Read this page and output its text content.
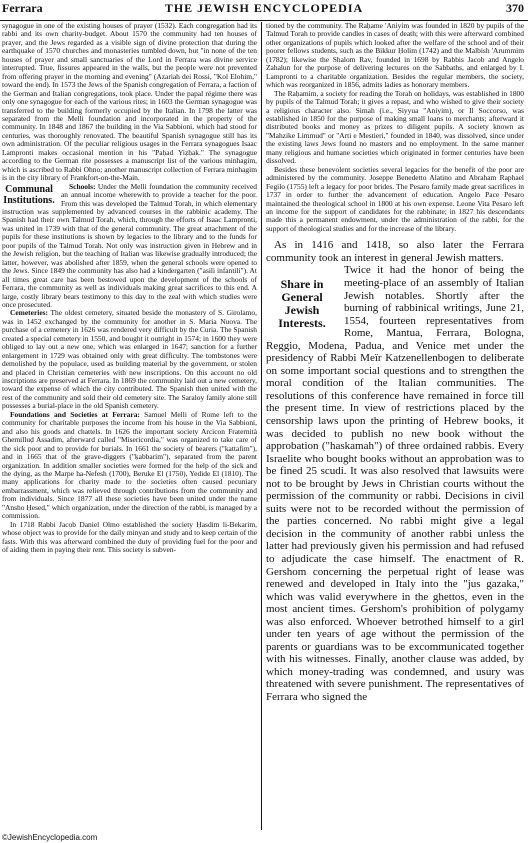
Ferrara	THE JEWISH ENCYCLOPEDIA	370

synagogue in one of the existing houses of prayer (1532). Each congregation had its rabbi and its own charity-budget. About 1570 the community had ten houses of prayer, and the Jews regarded as a visible sign of divine protection that during the earthquake of 1570 churches and monasteries tumbled down, but "in none of the ten houses of prayer and small sanctuaries of the Lord in Ferrara was divine service interrupted. True, fissures appeared in the walls, but the people were not prevented from offering prayer in the morning and evening" (Azariah dei Rossi, "Kol Elohim," toward the end). In 1573 the Jews of the Spanish congregation of Ferrara, a faction of the German and Italian congregations, took place. Under the papal régime there was only one synagogue for each of the various rites; in 1603 the German synagogue was transferred to the building formerly occupied by the Italian. In 1798 the latter was separated from the Melli foundation and incorporated in the property of the community. In 1848 and 1867 the building in the Via Sabbioni, which had stood for centuries, was thoroughly renovated. The beautiful Spanish synagogue still has its own administration. Of the peculiar religious usages in the Ferrara synagogues Isaac Lampronti makes occasional mention in his "Paḥad Yiẓḥak." The synagogue according to the German rite possesses a manuscript list of the various minhagim, which is ascribed to Rabbi Ohno; another manuscript collection of Ferrara minhagim is in the city library of Frankfort-on-the-Main.

Communal Institutions.

Schools: Under the Melli foundation the community received an annual income wherewith to provide a teacher for the poor. From this was developed the Talmud Torah, in which elementary instruction was supplemented by advanced courses in the rabbinic academy. The Spanish had their own Talmud Torah, which, through the efforts of Isaac Lampronti, was united in 1739 with that of the general community. The great attachment of the pupils for these institutions is shown by legacies to the library and to the funds for poor pupils of the Talmud Torah. Not only was instruction given in Hebrew and in the Jewish religion, but the teaching of Italian was likewise gradually introduced; the latter, however, was abolished after 1859, when the general schools were opened to the Jews. Since 1849 the community has also had a kindergarten ("asili infantili"). At all times great care has been bestowed upon the development of the schools of Ferrara, the community as well as individuals making great sacrifices to this end. A large, costly library bears testimony to this day to the zeal with which studies were once prosecuted.

Cemeteries: The oldest cemetery, situated beside the monastery of S. Girolamo, was in 1452 exchanged by the community for another in S. Maria Nuova. The purchase of a cemetery in 1626 was rendered very difficult by the Curia. The Spanish created a special cemetery in 1550, and bought it outright in 1574; in 1600 they were obliged to lay out a new one, which was enlarged in 1647; sanction for a further enlargement in 1729 was obtained only with great difficulty. The tombstones were demolished by the populace, used as building material by the government, or stolen and placed in Christian cemeteries with new inscriptions. On this account no old inscriptions are preserved at Ferrara. In 1869 the community laid out a new cemetery, toward the expense of which the city contributed. The Spanish then united with the rest of the community and sold their old cemetery site. The Saraloy family alone still possesses a burial-place in the old Spanish cemetery.

Foundations and Societies at Ferrara: Samuel Melli of Rome left to the community for charitable purposes the income from his house in the Via Sabbioni, and also his goods and chattels. In 1626 the important society Arcicon Fraternità Ghemilluḍ Assadim, afterward called "Misericordia," was organized to take care of the sick poor and to provide for burials. In 1661 the society of bearers ("kattafim"), and in 1665 that of the grave-diggers ("ḳabbarim"), separated from the parent organization. In addition smaller societies were formed for the help of the sick and the dying, as the Marpe ha-Nefesh (1700), Beruke El (1750), Yedide El (1810). The many applications for charity made to the societies often caused pecuniary embarrassment, which was relieved through contributions from the community and from individuals. Since 1877 all these societies have been united under the name "Ansho Ḥesed," which organization, under the direction of the rabbi, is managed by a commission.

In 1718 Rabbi Jacob Daniel Olmo established the society Ḥasdim li-Bekarim, whose object was to provide for the daily minyan and study and to keep certain of the fasts. With this was afterward combined the duty of providing fuel for the poor and of aiding them in paying their rent. This society is subven-

tioned by the community. The Raḥame 'Aniyim was founded in 1820 by pupils of the Talmud Torah to provide candles in cases of death; with this were afterward combined other organizations of pupils which looked after the welfare of the school and of their poorer fellows students, such as the Bikkur Ḥolim (1742) and the Malbish 'Arummim (1782); likewise the Shalom Rav, founded in 1698 by Rabbis Jacob and Angelo Zahalun for the purpose of delivering lectures on the Sabbaths, and enlarged by I. Lampronti to a charitable organization. Besides the regular members, the society, which was reorganized in 1856, admits ladies as honorary members.

The Raḥamim, a society for reading the Torah on holidays, was established in 1800 by pupils of the Talmud Torah; it gives a repast, and who wished to give their society a religious character also. Simah (i.e., Siyyua "Aniyim), or Il Soccorso, was established in 1850 for the purpose of making small loans to merchants; afterward it distributed books and money as prizes to diligent pupils. A society known as "Mahzike Limmud" or "Arti e Mestieri," founded in 1840, was dissolved, since under the existing laws Jews found no masters and no employment. In the same manner many religious and humane societies which originated in former centuries have been dissolved.

Besides these benevolent societies several legacies for the benefit of the poor are administered by the community. Joseppe Benedetto Alatino and Abraham Raphael Fegilo (1755) left a legacy for poor brides. The Pesaro family made great sacrifices in 1737 in order to further the advancement of education. Angelo Pace Pesaro maintained the theological school in 1800 at his own expense. Leone Vita Pesaro left an income for the support of candidates for the rabbinate; in 1827 his descendants made this a permanent endowment, under the administration of the rabbi, for the support of theological studies and for the increase of the library.

As in 1416 and 1418, so also later the Ferrara community took an interest in general Jewish matters.

Share in General Jewish Interests.

Twice it had the honor of being the meeting-place of an assembly of Italian Jewish notables. Shortly after the burning of rabbinical writings, June 21, 1554, fourteen representatives from Rome, Mantua, Ferrara, Bologna, Reggio, Modena, Padua, and Venice met under the presidency of Rabbi Meïr Katzenellenbogen to deliberate on some important social questions and to strengthen the moral condition of the Italian communities. The resolutions of this conference have remained in force till the present time. In view of restrictions placed by the censorship laws upon the printing of Hebrew books, it was decided to publish no new book without the approbation ("haskamah") of three ordained rabbis. Every Israelite who bought books without an approbation was to be fined 25 scudi. It was also resolved that lawsuits were not to be brought by Jews in Christian courts without the permission of the community or rabbi. Decisions in civil suits were not to be recorded without the permission of the parties concerned. No rabbi might give a legal decision in the community of another rabbi unless the latter had previously given his permission and had refused to adjudicate the case himself. The enactment of R. Gershom concerning the perpetual right of lease was renewed and developed in Italy into the "jus gazaka," which was valid everywhere in the ghettos, even in the most ancient times. Gershom's prohibition of polygamy was also enforced. Whoever betrothed himself to a girl under ten years of age without the permission of the parents or guardians was to be excommunicated together with his witnesses. Finally, another clause was added, by which money-trading was condemned, and usury was threatened with severe punishment. The representatives of Ferrara who signed the

©JewishEncyclopedia.com
